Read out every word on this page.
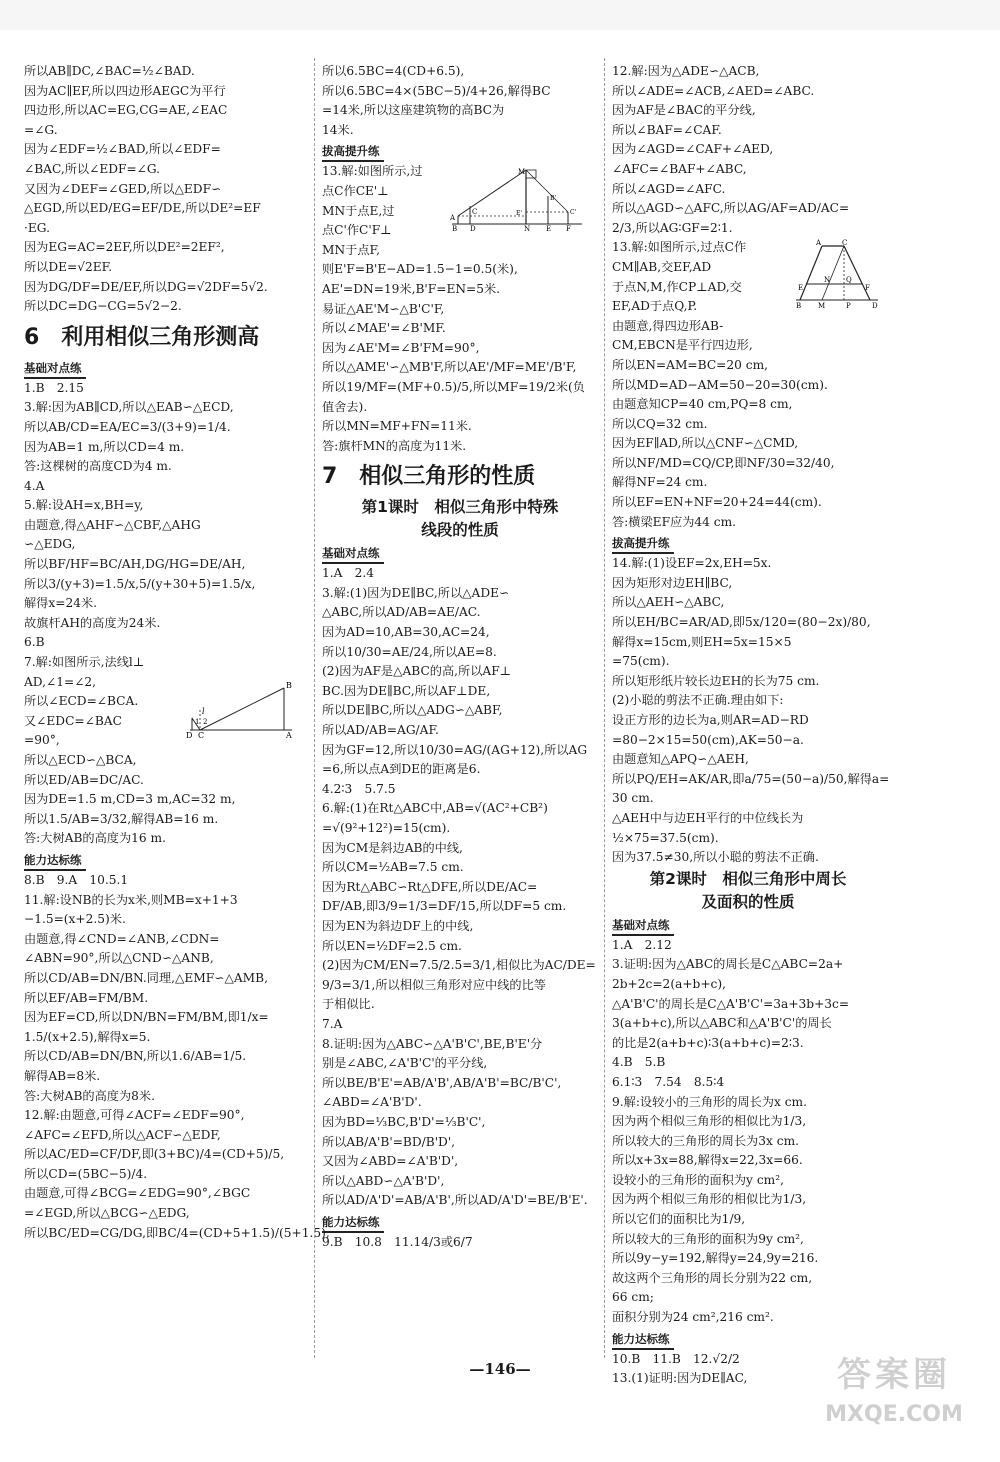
所以AB∥DC,∠BAC=½∠BAD.
因为AC∥EF,所以四边形AEGC为平行
四边形,所以AC=EG,CG=AE,∠EAC
=∠G.
因为∠EDF=½∠BAD,所以∠EDF=
∠BAC,所以∠EDF=∠G.
又因为∠DEF=∠GED,所以△EDF∽
△EGD,所以ED/EG=EF/DE,所以DE²=EF
·EG.
因为EG=AC=2EF,所以DE²=2EF²,
所以DE=√2EF.
因为DG/DF=DE/EF,所以DG=√2DF=5√2.
所以DC=DG−CG=5√2−2.
6　利用相似三角形测高
基础对点练
1.B　2.15
3.解:因为AB∥CD,所以△EAB∽△ECD,
所以AB/CD=EA/EC=3/(3+9)=1/4.
因为AB=1 m,所以CD=4 m.
答:这棵树的高度CD为4 m.
4.A
5.解:设AH=x,BH=y,
由题意,得△AHF∽△CBF,△AHG
∽△EDG,
所以BF/HF=BC/AH,DG/HG=DE/AH,
所以3/(y+3)=1.5/x,5/(y+30+5)=1.5/x,
解得x=24米.
故旗杆AH的高度为24米.
6.B
7.解:如图所示,法线l⊥
AD,∠1=∠2,
所以∠ECD=∠BCA.
又∠EDC=∠BAC
=90°,
所以△ECD∽△BCA,
所以ED/AB=DC/AC.
因为DE=1.5 m,CD=3 m,AC=32 m,
所以1.5/AB=3/32,解得AB=16 m.
答:大树AB的高度为16 m.
能力达标练
8.B　9.A　10.5.1
11.解:设NB的长为x米,则MB=x+1+3
−1.5=(x+2.5)米.
由题意,得∠CND=∠ANB,∠CDN=
∠ABN=90°,所以△CND∽△ANB,
所以CD/AB=DN/BN.同理,△EMF∽△AMB,
所以EF/AB=FM/BM.
因为EF=CD,所以DN/BN=FM/BM,即1/x=
1.5/(x+2.5),解得x=5.
所以CD/AB=DN/BN,所以1.6/AB=1/5.
解得AB=8米.
答:大树AB的高度为8米.
12.解:由题意,可得∠ACF=∠EDF=90°,
∠AFC=∠EFD,所以△ACF∽△EDF,
所以AC/ED=CF/DF,即(3+BC)/4=(CD+5)/5,
所以CD=(5BC−5)/4.
由题意,可得∠BCG=∠EDG=90°,∠BGC
=∠EGD,所以△BCG∽△EDG,
所以BC/ED=CG/DG,即BC/4=(CD+5+1.5)/(5+1.5),
所以6.5BC=4(CD+6.5),
所以6.5BC=4×(5BC−5)/4+26,解得BC
=14米,所以这座建筑物的高BC为
14米.
拔高提升练
13.解:如图所示,过
点C作CE'⊥
MN于点E,过
点C'作C'F⊥
MN于点F,
则E'F=B'E−AD=1.5−1=0.5(米),
AE'=DN=19米,B'F=EN=5米.
易证△AE'M∽△B'C'F,
所以∠MAE'=∠B'MF.
因为∠AE'M=∠B'FM=90°,
所以△AME'∽△MB'F,所以AE'/MF=ME'/B'F,
所以19/MF=(MF+0.5)/5,所以MF=19/2米(负
值舍去).
所以MN=MF+FN=11米.
答:旗杆MN的高度为11米.
7　相似三角形的性质
第1课时　相似三角形中特殊
线段的性质
基础对点练
1.A　2.4
3.解:(1)因为DE∥BC,所以△ADE∽
△ABC,所以AD/AB=AE/AC.
因为AD=10,AB=30,AC=24,
所以10/30=AE/24,所以AE=8.
(2)因为AF是△ABC的高,所以AF⊥
BC.因为DE∥BC,所以AF⊥DE,
所以DE∥BC,所以△ADG∽△ABF,
所以AD/AB=AG/AF.
因为GF=12,所以10/30=AG/(AG+12),所以AG
=6,所以点A到DE的距离是6.
4.2∶3　5.7.5
6.解:(1)在Rt△ABC中,AB=√(AC²+CB²)
=√(9²+12²)=15(cm).
因为CM是斜边AB的中线,
所以CM=½AB=7.5 cm.
因为Rt△ABC∽Rt△DFE,所以DE/AC=
DF/AB,即3/9=1/3=DF/15,所以DF=5 cm.
因为EN为斜边DF上的中线,
所以EN=½DF=2.5 cm.
(2)因为CM/EN=7.5/2.5=3/1,相似比为AC/DE=
9/3=3/1,所以相似三角形对应中线的比等
于相似比.
7.A
8.证明:因为△ABC∽△A'B'C',BE,B'E'分
别是∠ABC,∠A'B'C'的平分线,
所以BE/B'E'=AB/A'B',AB/A'B'=BC/B'C',
∠ABD=∠A'B'D'.
因为BD=⅓BC,B'D'=⅓B'C',
所以AB/A'B'=BD/B'D',
又因为∠ABD=∠A'B'D',
所以△ABD∽△A'B'D',
所以AD/A'D'=AB/A'B',所以AD/A'D'=BE/B'E'.
能力达标练
9.B　10.8　11.14/3或6/7
12.解:因为△ADE∽△ACB,
所以∠ADE=∠ACB,∠AED=∠ABC.
因为AF是∠BAC的平分线,
所以∠BAF=∠CAF.
因为∠AGD=∠CAF+∠AED,
∠AFC=∠BAF+∠ABC,
所以∠AGD=∠AFC.
所以△AGD∽△AFC,所以AG/AF=AD/AC=
2/3,所以AG∶GF=2∶1.
13.解:如图所示,过点C作
CM∥AB,交EF,AD
于点N,M,作CP⊥AD,交
EF,AD于点Q,P.
由题意,得四边形AB-
CM,EBCN是平行四边形,
所以EN=AM=BC=20 cm,
所以MD=AD−AM=50−20=30(cm).
由题意知CP=40 cm,PQ=8 cm,
所以CQ=32 cm.
因为EF∥AD,所以△CNF∽△CMD,
所以NF/MD=CQ/CP,即NF/30=32/40,
解得NF=24 cm.
所以EF=EN+NF=20+24=44(cm).
答:横梁EF应为44 cm.
拔高提升练
14.解:(1)设EF=2x,EH=5x.
因为矩形对边EH∥BC,
所以△AEH∽△ABC,
所以EH/BC=AR/AD,即5x/120=(80−2x)/80,
解得x=15cm,则EH=5x=15×5
=75(cm).
所以矩形纸片较长边EH的长为75 cm.
(2)小聪的剪法不正确.理由如下:
设正方形的边长为a,则AR=AD−RD
=80−2×15=50(cm),AK=50−a.
由题意知△APQ∽△AEH,
所以PQ/EH=AK/AR,即a/75=(50−a)/50,解得a=
30 cm.
△AEH中与边EH平行的中位线长为
½×75=37.5(cm).
因为37.5≠30,所以小聪的剪法不正确.
第2课时　相似三角形中周长
及面积的性质
基础对点练
1.A　2.12
3.证明:因为△ABC的周长是C△ABC=2a+
2b+2c=2(a+b+c),
△A'B'C'的周长是C△A'B'C'=3a+3b+3c=
3(a+b+c),所以△ABC和△A'B'C'的周长
的比是2(a+b+c)∶3(a+b+c)=2∶3.
4.B　5.B
6.1∶3　7.54　8.5∶4
9.解:设较小的三角形的周长为x cm.
因为两个相似三角形的相似比为1/3,
所以较大的三角形的周长为3x cm.
所以x+3x=88,解得x=22,3x=66.
设较小的三角形的面积为y cm²,
因为两个相似三角形的相似比为1/3,
所以它们的面积比为1/9,
所以较大的三角形的面积为9y cm²,
所以9y−y=192,解得y=24,9y=216.
故这两个三角形的周长分别为22 cm,
66 cm;
面积分别为24 cm²,216 cm².
能力达标练
10.B　11.B　12.√2/2
13.(1)证明:因为DE∥AC,
B
l
1 2
D C	A
M
E'
B'
C'
A
B
C
D	N E F
A
D
C
B
E
M
N
F
P
Q
—146—	答案圈
MXQE.COM
